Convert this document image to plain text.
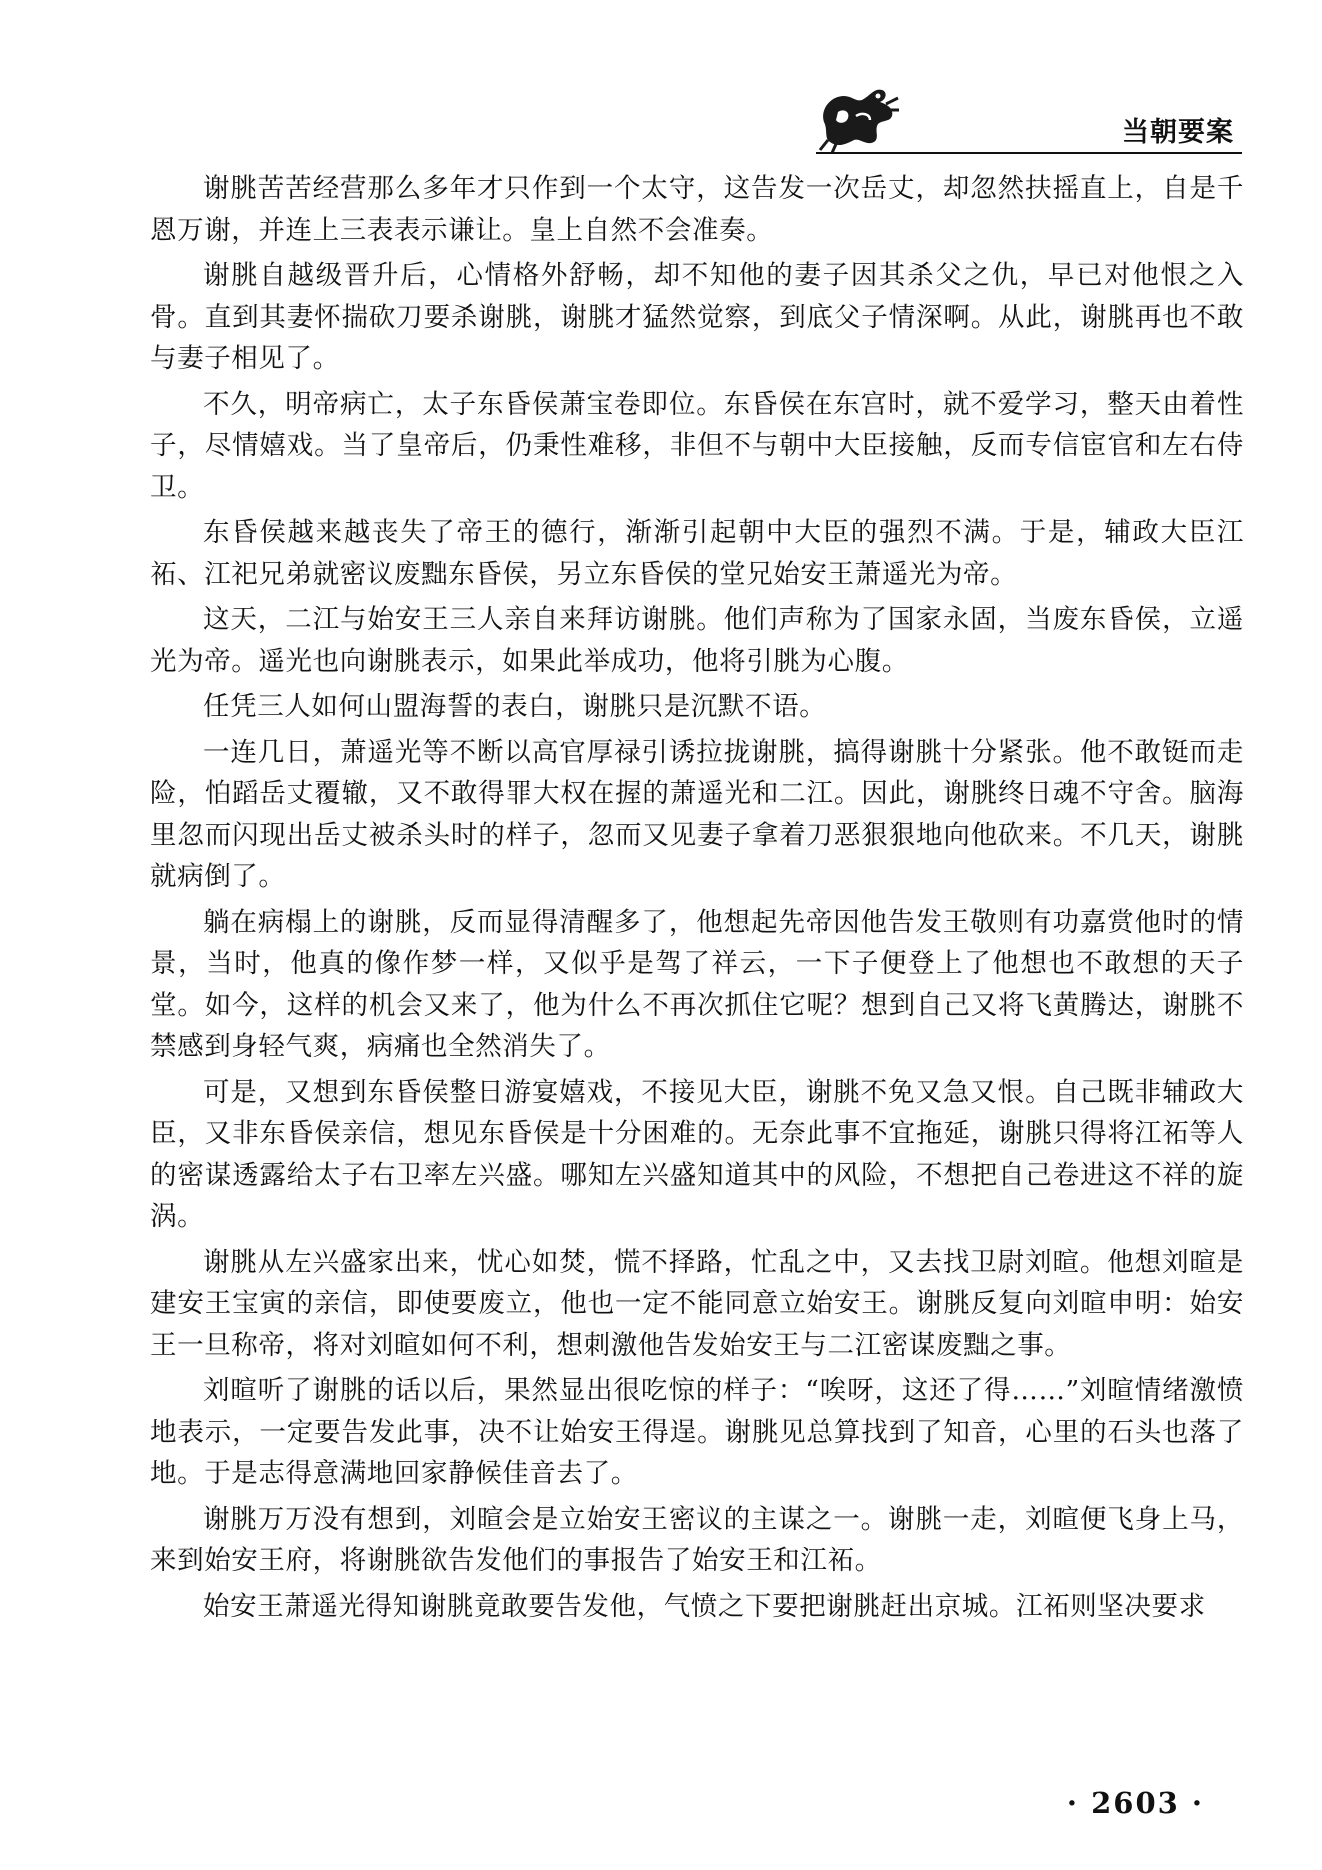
当朝要案

谢朓苦苦经营那么多年才只作到一个太守，这告发一次岳丈，却忽然扶摇直上，自是千恩万谢，并连上三表表示谦让。皇上自然不会准奏。

谢朓自越级晋升后，心情格外舒畅，却不知他的妻子因其杀父之仇，早已对他恨之入骨。直到其妻怀揣砍刀要杀谢朓，谢朓才猛然觉察，到底父子情深啊。从此，谢朓再也不敢与妻子相见了。

不久，明帝病亡，太子东昏侯萧宝卷即位。东昏侯在东宫时，就不爱学习，整天由着性子，尽情嬉戏。当了皇帝后，仍秉性难移，非但不与朝中大臣接触，反而专信宦官和左右侍卫。

东昏侯越来越丧失了帝王的德行，渐渐引起朝中大臣的强烈不满。于是，辅政大臣江祏、江祀兄弟就密议废黜东昏侯，另立东昏侯的堂兄始安王萧遥光为帝。

这天，二江与始安王三人亲自来拜访谢朓。他们声称为了国家永固，当废东昏侯，立遥光为帝。遥光也向谢朓表示，如果此举成功，他将引朓为心腹。

任凭三人如何山盟海誓的表白，谢朓只是沉默不语。

一连几日，萧遥光等不断以高官厚禄引诱拉拢谢朓，搞得谢朓十分紧张。他不敢铤而走险，怕蹈岳丈覆辙，又不敢得罪大权在握的萧遥光和二江。因此，谢朓终日魂不守舍。脑海里忽而闪现出岳丈被杀头时的样子，忽而又见妻子拿着刀恶狠狠地向他砍来。不几天，谢朓就病倒了。

躺在病榻上的谢朓，反而显得清醒多了，他想起先帝因他告发王敬则有功嘉赏他时的情景，当时，他真的像作梦一样，又似乎是驾了祥云，一下子便登上了他想也不敢想的天子堂。如今，这样的机会又来了，他为什么不再次抓住它呢？想到自己又将飞黄腾达，谢朓不禁感到身轻气爽，病痛也全然消失了。

可是，又想到东昏侯整日游宴嬉戏，不接见大臣，谢朓不免又急又恨。自己既非辅政大臣，又非东昏侯亲信，想见东昏侯是十分困难的。无奈此事不宜拖延，谢朓只得将江祏等人的密谋透露给太子右卫率左兴盛。哪知左兴盛知道其中的风险，不想把自己卷进这不祥的旋涡。

谢朓从左兴盛家出来，忧心如焚，慌不择路，忙乱之中，又去找卫尉刘暄。他想刘暄是建安王宝寅的亲信，即使要废立，他也一定不能同意立始安王。谢朓反复向刘暄申明：始安王一旦称帝，将对刘暄如何不利，想刺激他告发始安王与二江密谋废黜之事。

刘暄听了谢朓的话以后，果然显出很吃惊的样子：“唉呀，这还了得……”刘暄情绪激愤地表示，一定要告发此事，决不让始安王得逞。谢朓见总算找到了知音，心里的石头也落了地。于是志得意满地回家静候佳音去了。

谢朓万万没有想到，刘暄会是立始安王密议的主谋之一。谢朓一走，刘暄便飞身上马，来到始安王府，将谢朓欲告发他们的事报告了始安王和江祏。

始安王萧遥光得知谢朓竟敢要告发他，气愤之下要把谢朓赶出京城。江祏则坚决要求

· 2603 ·
